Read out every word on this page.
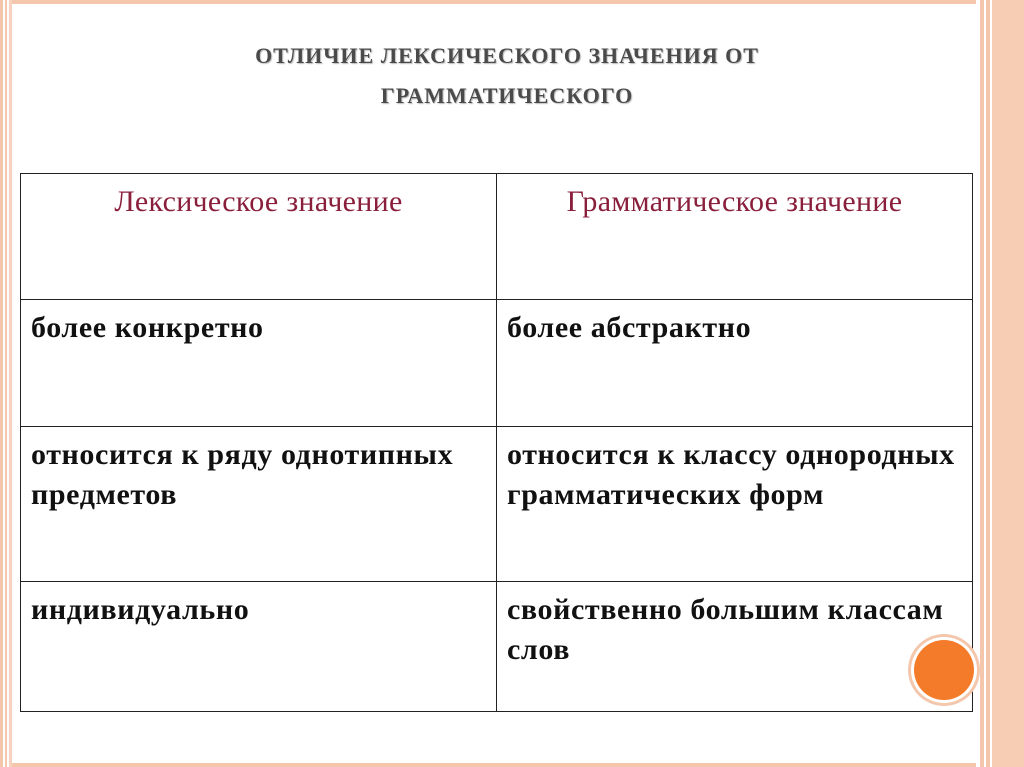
ОТЛИЧИЕ ЛЕКСИЧЕСКОГО ЗНАЧЕНИЯ ОТ
ГРАММАТИЧЕСКОГО
Лексическое значение	Грамматическое значение
более конкретно	более абстрактно
относится к ряду однотипных предметов	относится к классу однородных грамматических форм
индивидуально	свойственно большим классам слов
